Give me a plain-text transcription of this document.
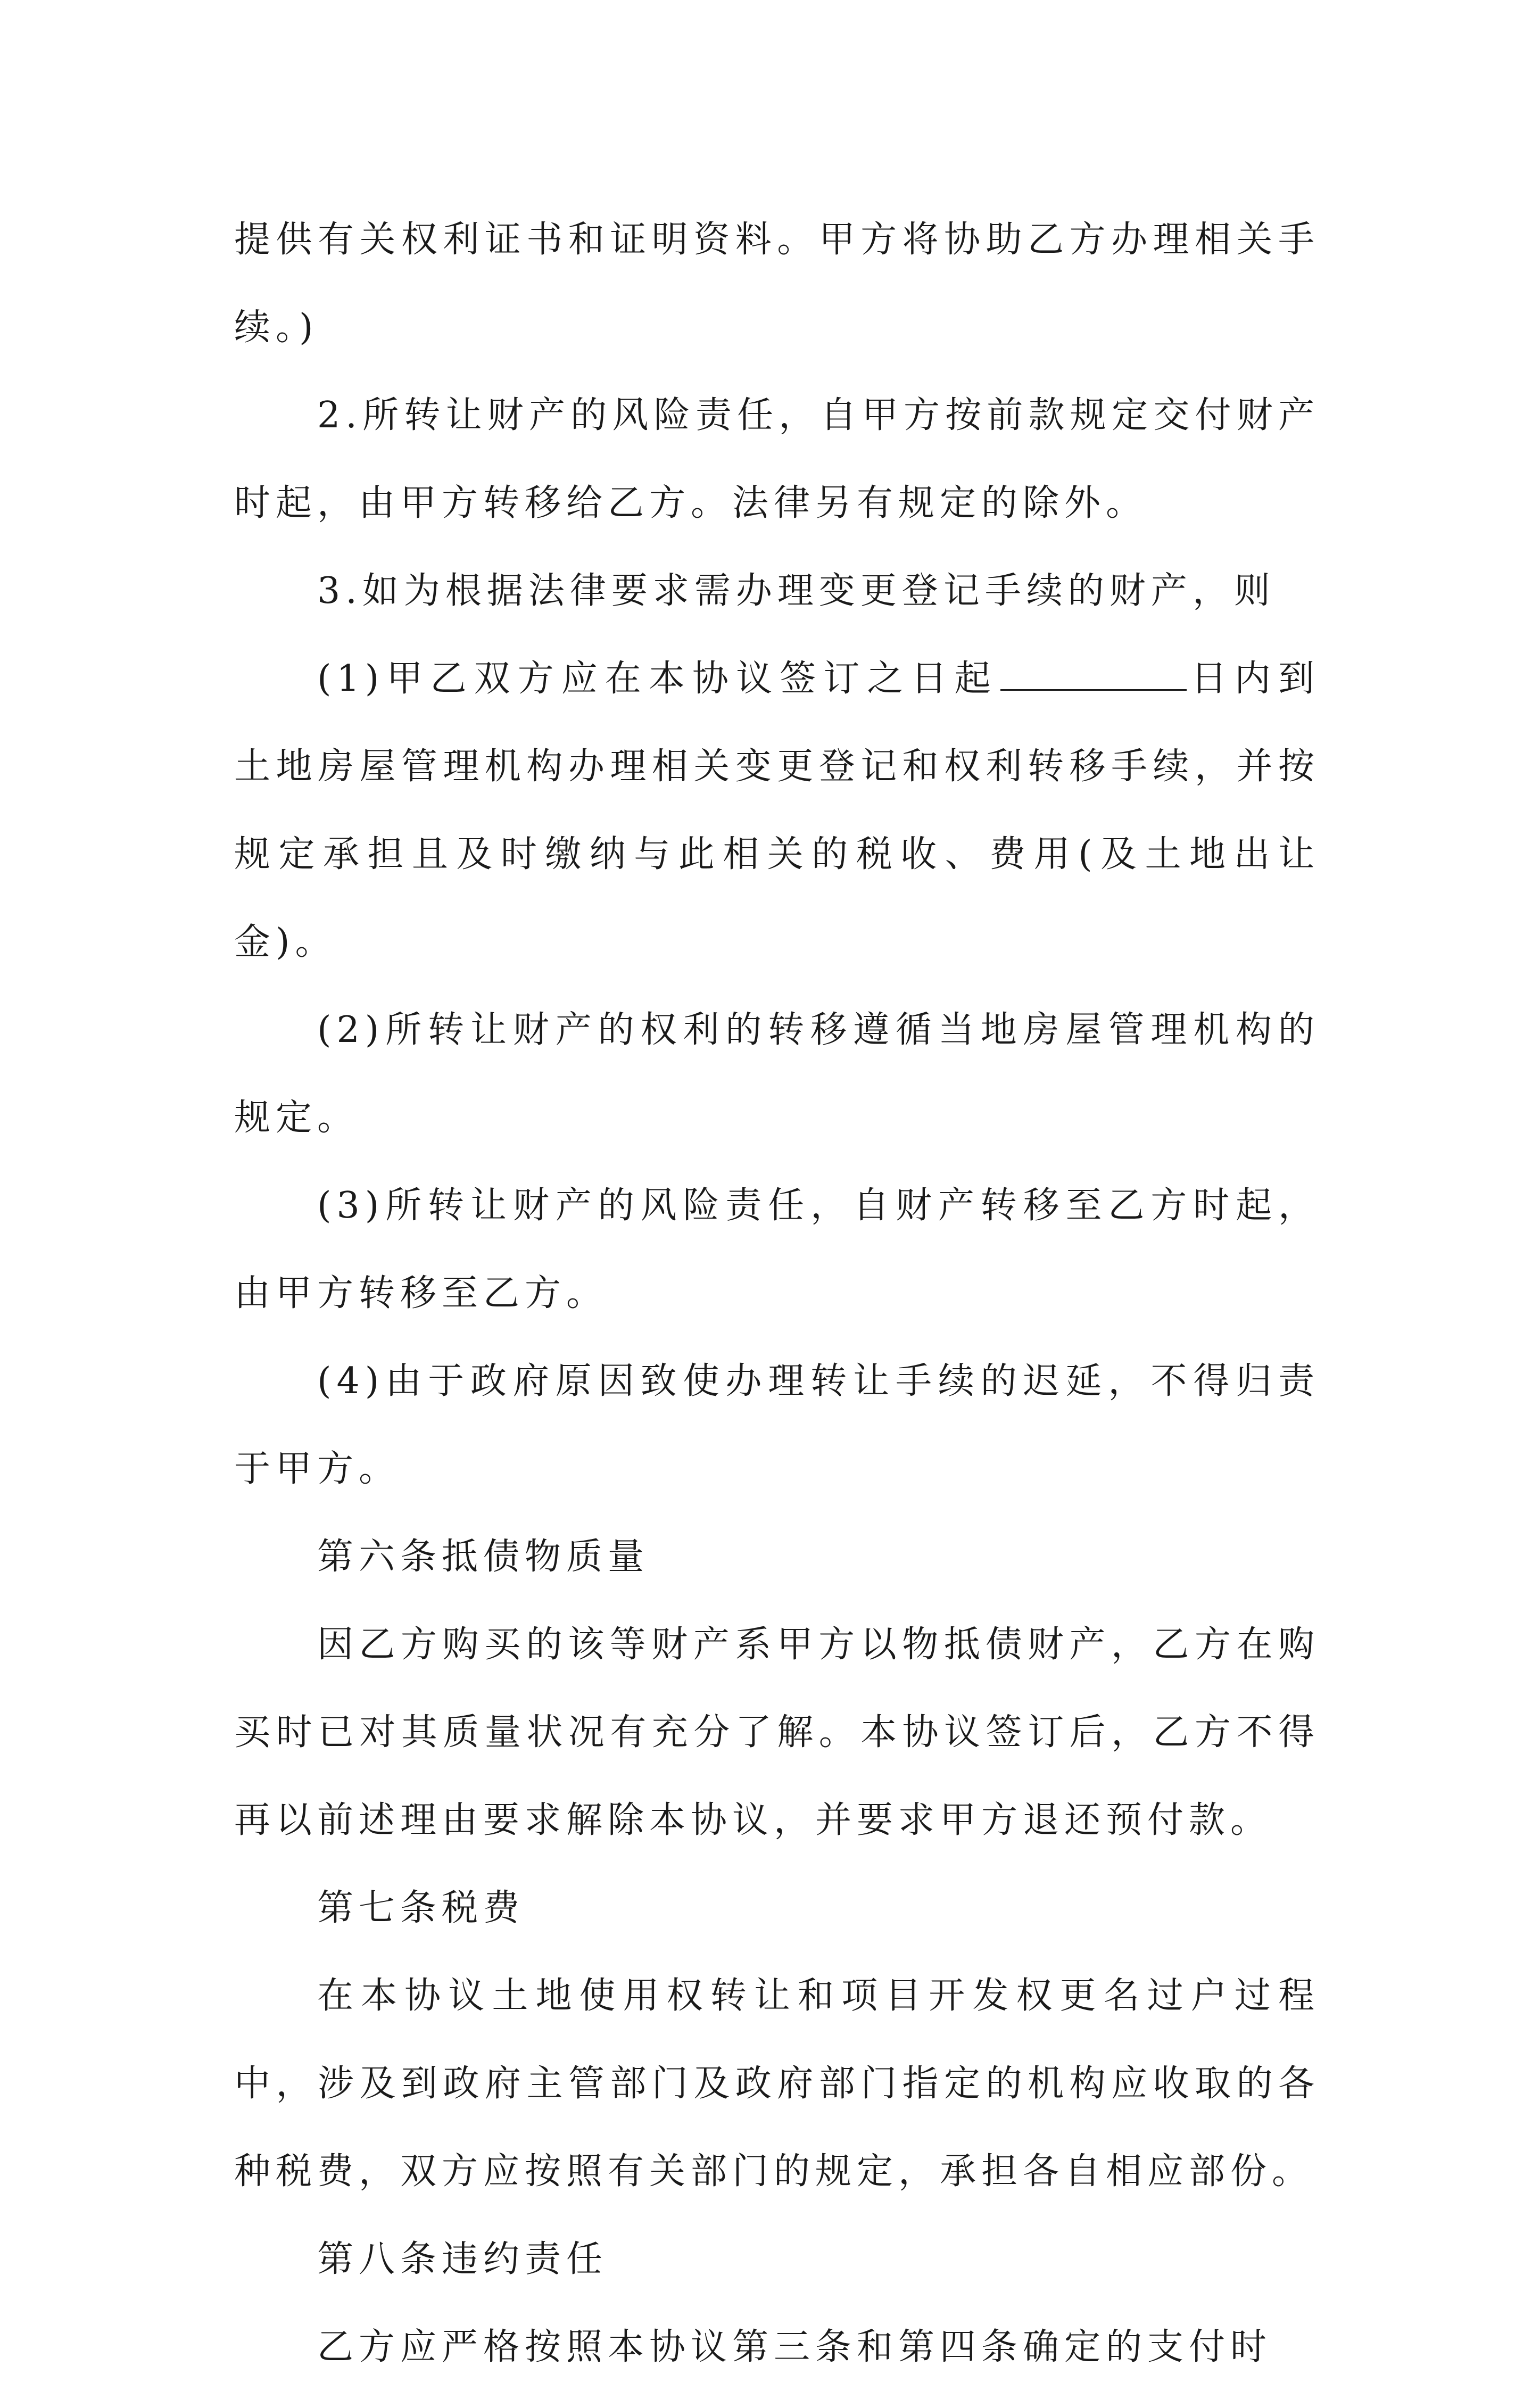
提供有关权利证书和证明资料。甲方将协助乙方办理相关手续。)

2.所转让财产的风险责任，自甲方按前款规定交付财产时起，由甲方转移给乙方。法律另有规定的除外。

3.如为根据法律要求需办理变更登记手续的财产，则

(1)甲乙双方应在本协议签订之日起	日内到土地房屋管理机构办理相关变更登记和权利转移手续，并按规定承担且及时缴纳与此相关的税收、费用(及土地出让金)。

(2)所转让财产的权利的转移遵循当地房屋管理机构的规定。

(3)所转让财产的风险责任，自财产转移至乙方时起，由甲方转移至乙方。

(4)由于政府原因致使办理转让手续的迟延，不得归责于甲方。

第六条抵债物质量

因乙方购买的该等财产系甲方以物抵债财产，乙方在购买时已对其质量状况有充分了解。本协议签订后，乙方不得再以前述理由要求解除本协议，并要求甲方退还预付款。

第七条税费

在本协议土地使用权转让和项目开发权更名过户过程中，涉及到政府主管部门及政府部门指定的机构应收取的各种税费，双方应按照有关部门的规定，承担各自相应部份。

第八条违约责任

乙方应严格按照本协议第三条和第四条确定的支付时
